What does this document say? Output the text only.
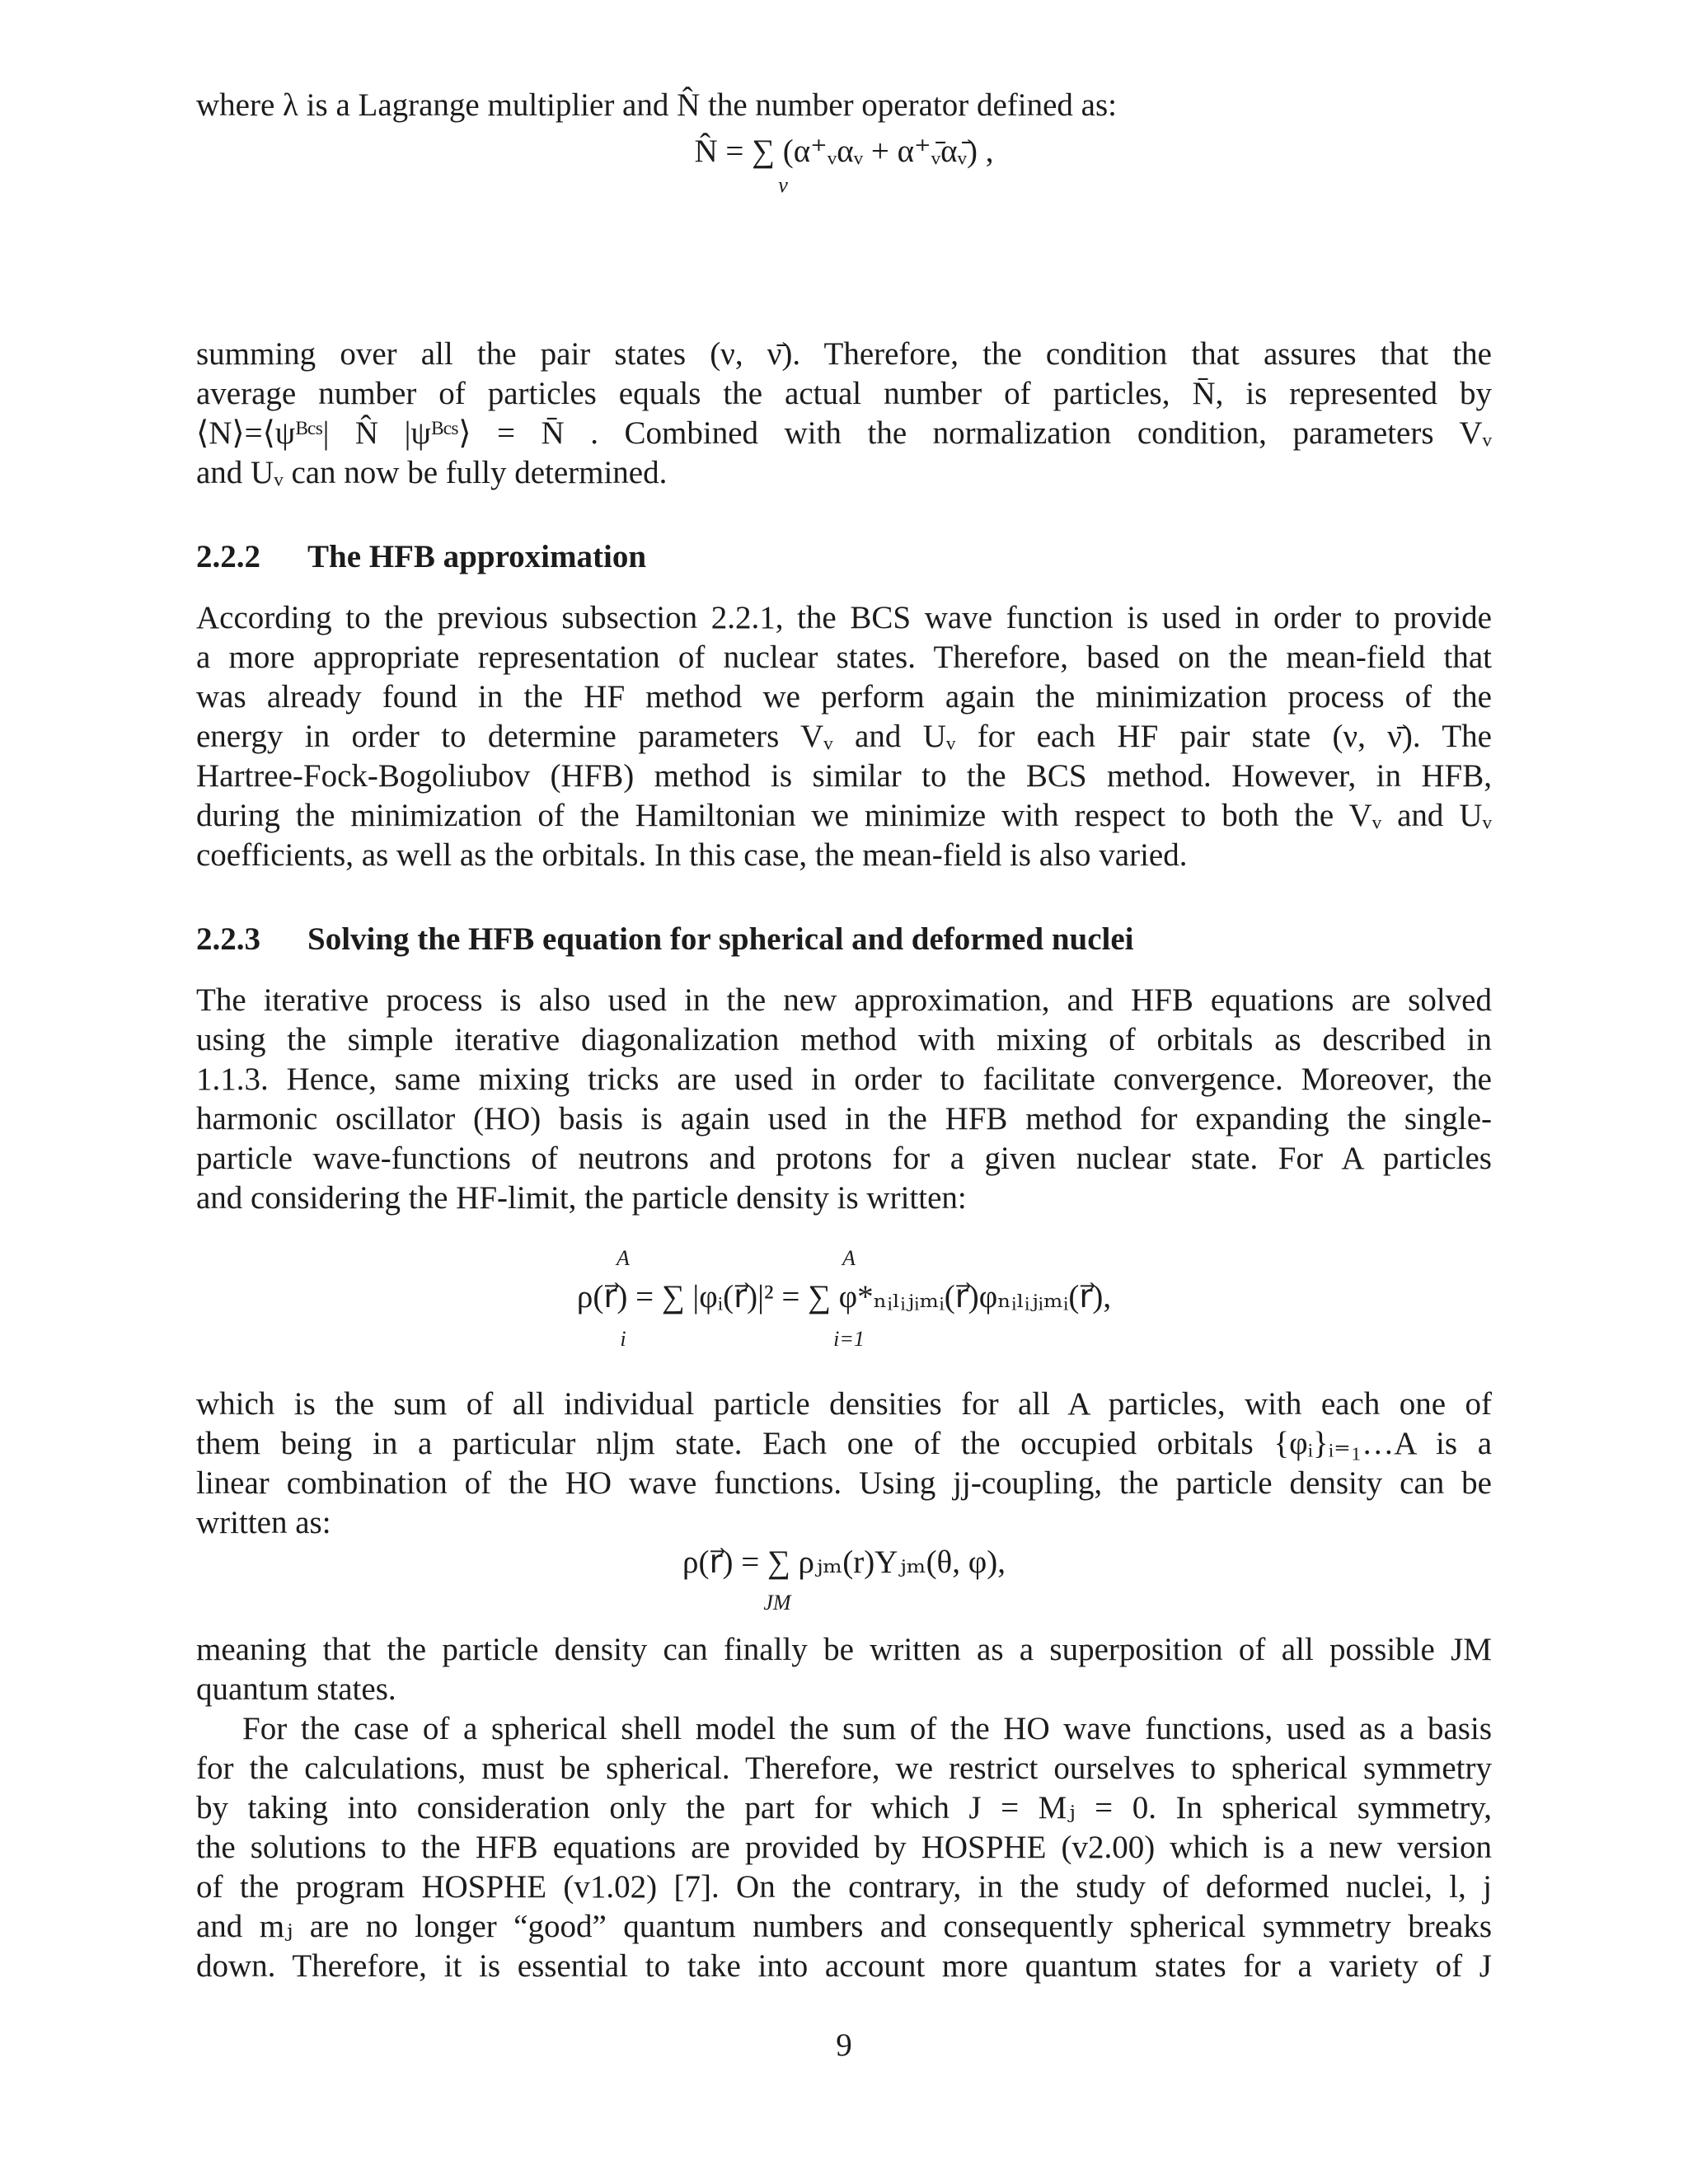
where λ is a Lagrange multiplier and N̂ the number operator defined as:
N̂ = ∑ (α⁺ᵥαᵥ + α⁺ᵥ̄αᵥ̄) ,
ν
summing over all the pair states (ν, ν̄). Therefore, the condition that assures that the
average number of particles equals the actual number of particles, N̄, is represented by
⟨N⟩=⟨ψᴮᶜˢ| N̂ |ψᴮᶜˢ⟩ = N̄ . Combined with the normalization condition, parameters Vᵥ
and Uᵥ can now be fully determined.
2.2.2 The HFB approximation
According to the previous subsection 2.2.1, the BCS wave function is used in order to provide
a more appropriate representation of nuclear states. Therefore, based on the mean-field that
was already found in the HF method we perform again the minimization process of the
energy in order to determine parameters Vᵥ and Uᵥ for each HF pair state (ν, ν̄). The
Hartree-Fock-Bogoliubov (HFB) method is similar to the BCS method. However, in HFB,
during the minimization of the Hamiltonian we minimize with respect to both the Vᵥ and Uᵥ
coefficients, as well as the orbitals. In this case, the mean-field is also varied.
2.2.3 Solving the HFB equation for spherical and deformed nuclei
The iterative process is also used in the new approximation, and HFB equations are solved
using the simple iterative diagonalization method with mixing of orbitals as described in
1.1.3. Hence, same mixing tricks are used in order to facilitate convergence. Moreover, the
harmonic oscillator (HO) basis is again used in the HFB method for expanding the single-
particle wave-functions of neutrons and protons for a given nuclear state. For A particles
and considering the HF-limit, the particle density is written:
A	A
ρ(r⃗) = ∑ |φᵢ(r⃗)|² = ∑ φ*ₙᵢₗᵢⱼᵢₘᵢ(r⃗)φₙᵢₗᵢⱼᵢₘᵢ(r⃗),
i	i=1
which is the sum of all individual particle densities for all A particles, with each one of
them being in a particular nljm state. Each one of the occupied orbitals {φᵢ}ᵢ₌₁…A is a
linear combination of the HO wave functions. Using jj-coupling, the particle density can be
written as:
ρ(r⃗) = ∑ ρⱼₘ(r)Yⱼₘ(θ, φ),
JM
meaning that the particle density can finally be written as a superposition of all possible JM
quantum states.
For the case of a spherical shell model the sum of the HO wave functions, used as a basis
for the calculations, must be spherical. Therefore, we restrict ourselves to spherical symmetry
by taking into consideration only the part for which J = Mⱼ = 0. In spherical symmetry,
the solutions to the HFB equations are provided by HOSPHE (v2.00) which is a new version
of the program HOSPHE (v1.02) [7]. On the contrary, in the study of deformed nuclei, l, j
and mⱼ are no longer “good” quantum numbers and consequently spherical symmetry breaks
down. Therefore, it is essential to take into account more quantum states for a variety of J
9
